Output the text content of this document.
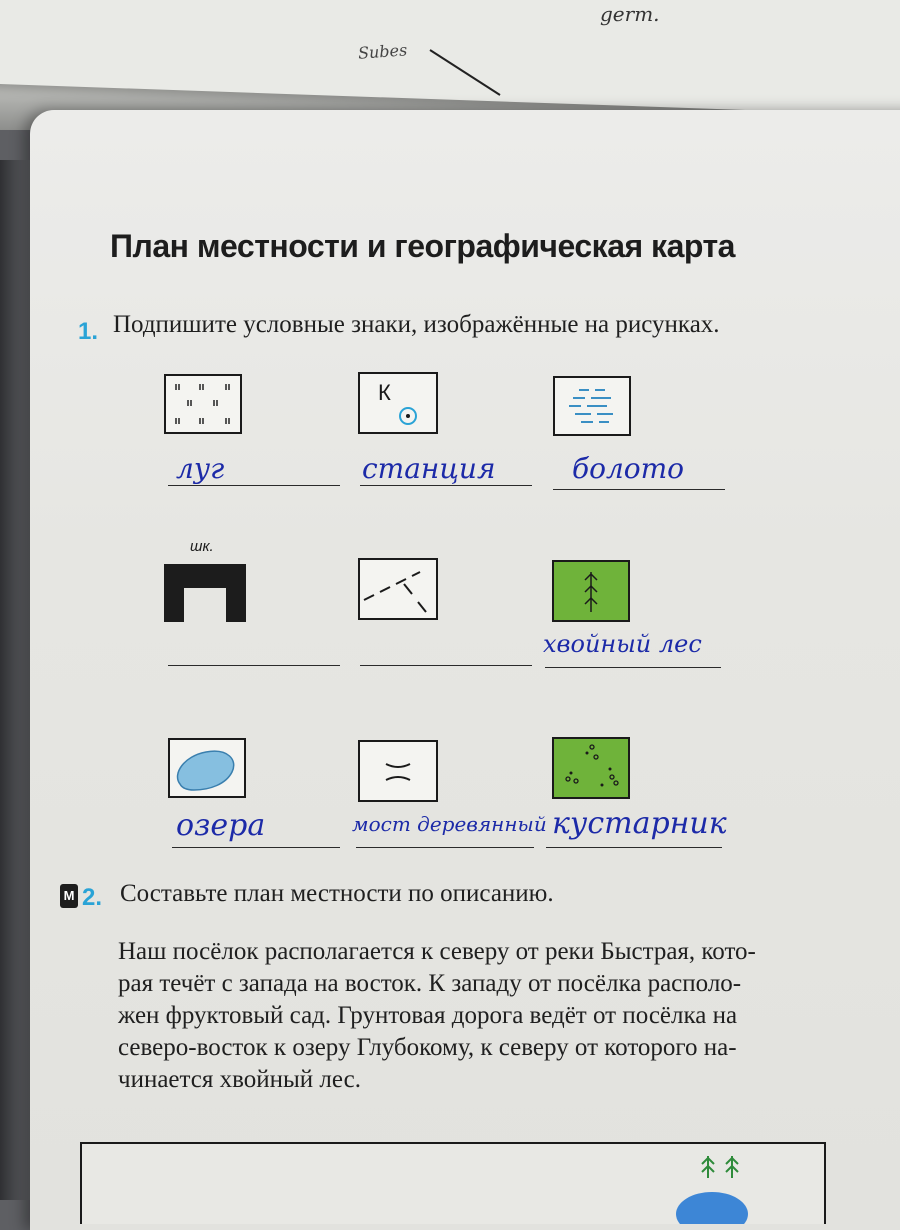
germ.
Subes
План местности и географическая карта
1. Подпишите условные знаки, изображённые на рисунках.
К
луг	станция	болото
шк.
хвойный лес
озера	мост деревянный кустарник
М 2. Составьте план местности по описанию.
Наш посёлок располагается к северу от реки Быстрая, кото-
рая течёт с запада на восток. К западу от посёлка располо-
жен фруктовый сад. Грунтовая дорога ведёт от посёлка на
северо-восток к озеру Глубокому, к северу от которого на-
чинается хвойный лес.
